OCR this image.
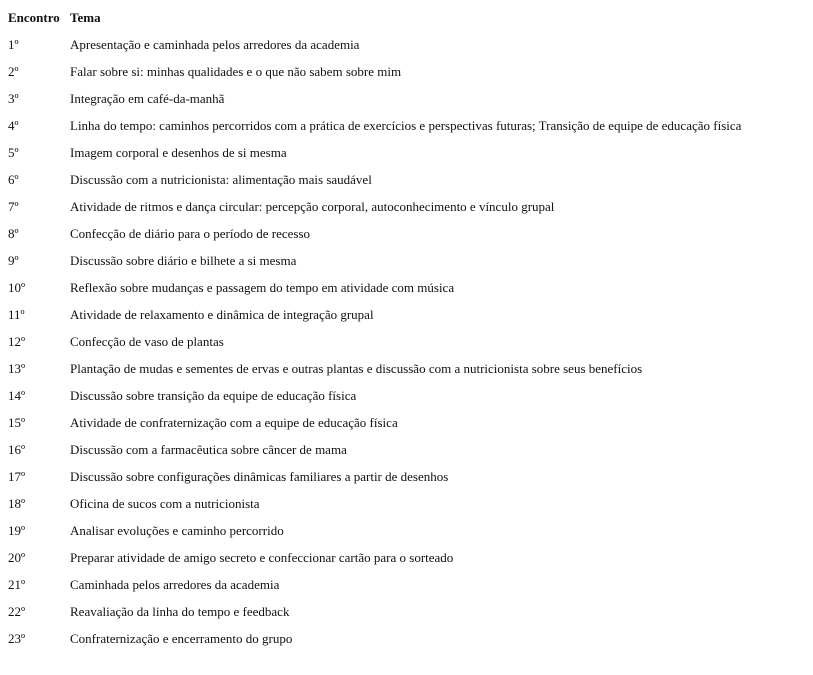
Encontro	Tema
1º	Apresentação e caminhada pelos arredores da academia
2º	Falar sobre si: minhas qualidades e o que não sabem sobre mim
3º	Integração em café-da-manhã
4º	Linha do tempo: caminhos percorridos com a prática de exercícios e perspectivas futuras; Transição de equipe de educação física
5º	Imagem corporal e desenhos de si mesma
6º	Discussão com a nutricionista: alimentação mais saudável
7º	Atividade de ritmos e dança circular: percepção corporal, autoconhecimento e vínculo grupal
8º	Confecção de diário para o período de recesso
9º	Discussão sobre diário e bilhete a si mesma
10º	Reflexão sobre mudanças e passagem do tempo em atividade com música
11º	Atividade de relaxamento e dinâmica de integração grupal
12º	Confecção de vaso de plantas
13º	Plantação de mudas e sementes de ervas e outras plantas e discussão com a nutricionista sobre seus benefícios
14º	Discussão sobre transição da equipe de educação física
15º	Atividade de confraternização com a equipe de educação física
16º	Discussão com a farmacêutica sobre câncer de mama
17º	Discussão sobre configurações dinâmicas familiares a partir de desenhos
18º	Oficina de sucos com a nutricionista
19º	Analisar evoluções e caminho percorrido
20º	Preparar atividade de amigo secreto e confeccionar cartão para o sorteado
21º	Caminhada pelos arredores da academia
22º	Reavaliação da linha do tempo e feedback
23º	Confraternização e encerramento do grupo
